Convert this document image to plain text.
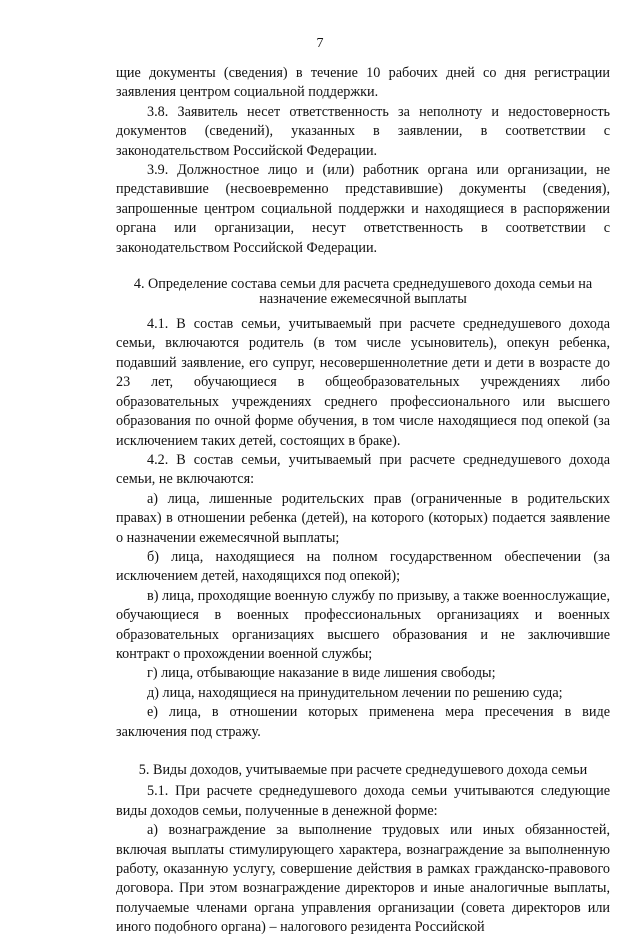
7

щие документы (сведения) в течение 10 рабочих дней со дня регистрации заявления центром социальной поддержки.

3.8. Заявитель несет ответственность за неполноту и недостоверность документов (сведений), указанных в заявлении, в соответствии с законодательством Российской Федерации.

3.9. Должностное лицо и (или) работник органа или организации, не представившие (несвоевременно представившие) документы (сведения), запрошенные центром социальной поддержки и находящиеся в распоряжении органа или организации, несут ответственность в соответствии с законодательством Российской Федерации.

4. Определение состава семьи для расчета среднедушевого дохода семьи на назначение ежемесячной выплаты

4.1. В состав семьи, учитываемый при расчете среднедушевого дохода семьи, включаются родитель (в том числе усыновитель), опекун ребенка, подавший заявление, его супруг, несовершеннолетние дети и дети в возрасте до 23 лет, обучающиеся в общеобразовательных учреждениях либо образовательных учреждениях среднего профессионального или высшего образования по очной форме обучения, в том числе находящиеся под опекой (за исключением таких детей, состоящих в браке).

4.2. В состав семьи, учитываемый при расчете среднедушевого дохода семьи, не включаются:

а) лица, лишенные родительских прав (ограниченные в родительских правах) в отношении ребенка (детей), на которого (которых) подается заявление о назначении ежемесячной выплаты;

б) лица, находящиеся на полном государственном обеспечении (за исключением детей, находящихся под опекой);

в) лица, проходящие военную службу по призыву, а также военнослужащие, обучающиеся в военных профессиональных организациях и военных образовательных организациях высшего образования и не заключившие контракт о прохождении военной службы;

г) лица, отбывающие наказание в виде лишения свободы;

д) лица, находящиеся на принудительном лечении по решению суда;

е) лица, в отношении которых применена мера пресечения в виде заключения под стражу.

5. Виды доходов, учитываемые при расчете среднедушевого дохода семьи

5.1. При расчете среднедушевого дохода семьи учитываются следующие виды доходов семьи, полученные в денежной форме:

а) вознаграждение за выполнение трудовых или иных обязанностей, включая выплаты стимулирующего характера, вознаграждение за выполненную работу, оказанную услугу, совершение действия в рамках гражданско-правового договора. При этом вознаграждение директоров и иные аналогичные выплаты, получаемые членами органа управления организации (совета директоров или иного подобного органа) – налогового резидента Российской
